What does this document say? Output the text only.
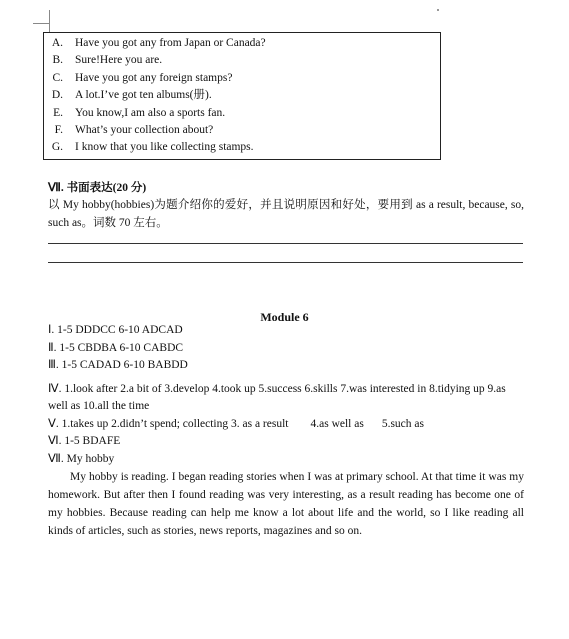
A. Have you got any from Japan or Canada?
B. Sure!Here you are.
C. Have you got any foreign stamps?
D. A lot.I’ve got ten albums(册).
E. You know,I am also a sports fan.
F. What’s your collection about?
G. I know that you like collecting stamps.
Ⅶ. 书面表达(20 分)
以 My hobby(hobbies)为题介绍你的爱好，并且说明原因和好处，要用到 as a result, because, so, such as。词数 70 左右。
Module 6
Ⅰ. 1-5 DDDCC 6-10 ADCAD
Ⅱ. 1-5 CBDBA 6-10 CABDC
Ⅲ. 1-5 CADAD 6-10 BABDD
Ⅳ. 1.look after 2.a bit of 3.develop 4.took up 5.success 6.skills 7.was interested in 8.tidying up 9.as well as 10.all the time
Ⅴ. 1.takes up 2.didn’t spend; collecting 3. as a result 4.as well as 5.such as
Ⅵ. 1-5 BDAFE
Ⅶ. My hobby

My hobby is reading. I began reading stories when I was at primary school. At that time it was my homework. But after then I found reading was very interesting, as a result reading has become one of my hobbies. Because reading can help me know a lot about life and the world, so I like reading all kinds of articles, such as stories, news reports, magazines and so on.
